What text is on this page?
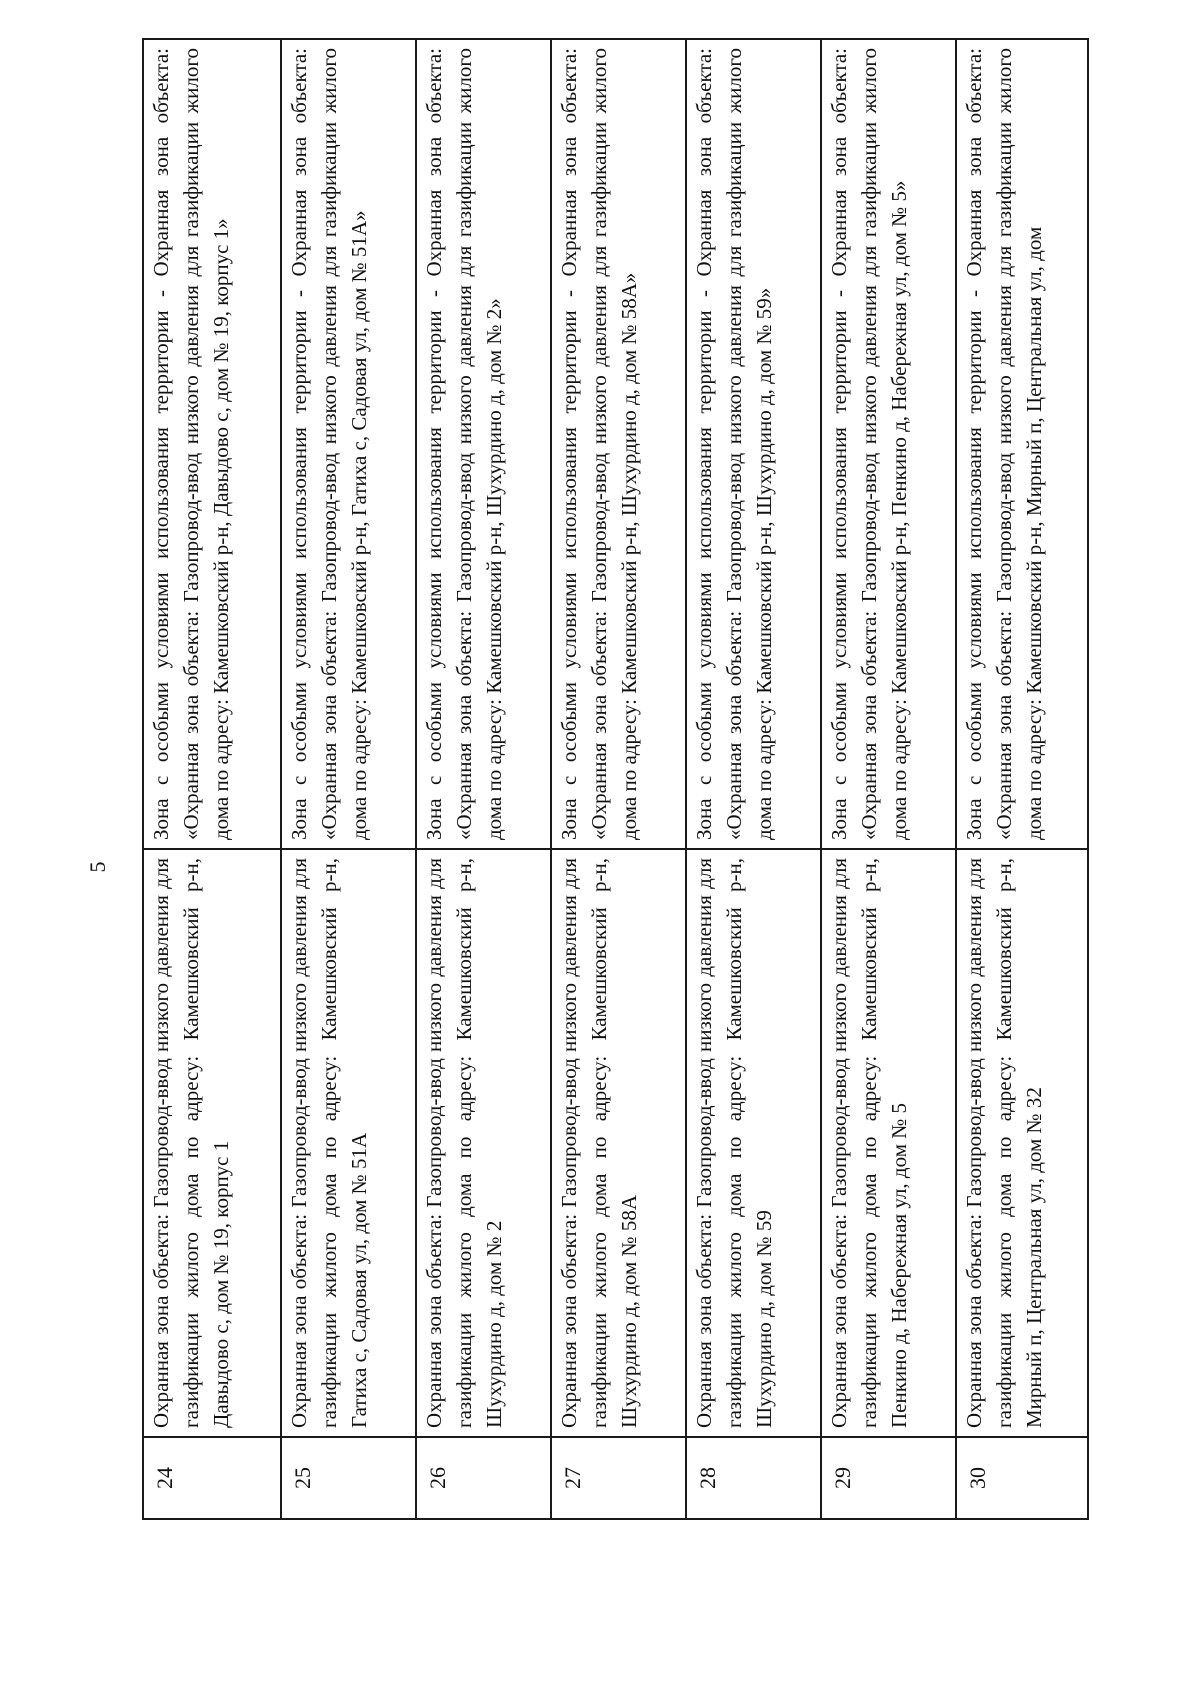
5
24	Охранная зона объекта: Газопровод-ввод низкого давления для газификации жилого дома по адресу: Камешковский р-н, Давыдово с, дом № 19, корпус 1	Зона с особыми условиями использования территории - Охранная зона объекта: «Охранная зона объекта: Газопровод-ввод низкого давления для газификации жилого дома по адресу: Камешковский р-н, Давыдово с, дом № 19, корпус 1»
25	Охранная зона объекта: Газопровод-ввод низкого давления для газификации жилого дома по адресу: Камешковский р-н, Гатиха с, Садовая ул, дом № 51А	Зона с особыми условиями использования территории - Охранная зона объекта: «Охранная зона объекта: Газопровод-ввод низкого давления для газификации жилого дома по адресу: Камешковский р-н, Гатиха с, Садовая ул, дом № 51А»
26	Охранная зона объекта: Газопровод-ввод низкого давления для газификации жилого дома по адресу: Камешковский р-н, Шухурдино д, дом № 2	Зона с особыми условиями использования территории - Охранная зона объекта: «Охранная зона объекта: Газопровод-ввод низкого давления для газификации жилого дома по адресу: Камешковский р-н, Шухурдино д, дом № 2»
27	Охранная зона объекта: Газопровод-ввод низкого давления для газификации жилого дома по адресу: Камешковский р-н, Шухурдино д, дом № 58А	Зона с особыми условиями использования территории - Охранная зона объекта: «Охранная зона объекта: Газопровод-ввод низкого давления для газификации жилого дома по адресу: Камешковский р-н, Шухурдино д, дом № 58А»
28	Охранная зона объекта: Газопровод-ввод низкого давления для газификации жилого дома по адресу: Камешковский р-н, Шухурдино д, дом № 59	Зона с особыми условиями использования территории - Охранная зона объекта: «Охранная зона объекта: Газопровод-ввод низкого давления для газификации жилого дома по адресу: Камешковский р-н, Шухурдино д, дом № 59»
29	Охранная зона объекта: Газопровод-ввод низкого давления для газификации жилого дома по адресу: Камешковский р-н, Пенкино д, Набережная ул, дом № 5	Зона с особыми условиями использования территории - Охранная зона объекта: «Охранная зона объекта: Газопровод-ввод низкого давления для газификации жилого дома по адресу: Камешковский р-н, Пенкино д, Набережная ул, дом № 5»
30	Охранная зона объекта: Газопровод-ввод низкого давления для газификации жилого дома по адресу: Камешковский р-н, Мирный п, Центральная ул, дом № 32	Зона с особыми условиями использования территории - Охранная зона объекта: «Охранная зона объекта: Газопровод-ввод низкого давления для газификации жилого дома по адресу: Камешковский р-н, Мирный п, Центральная ул, дом
